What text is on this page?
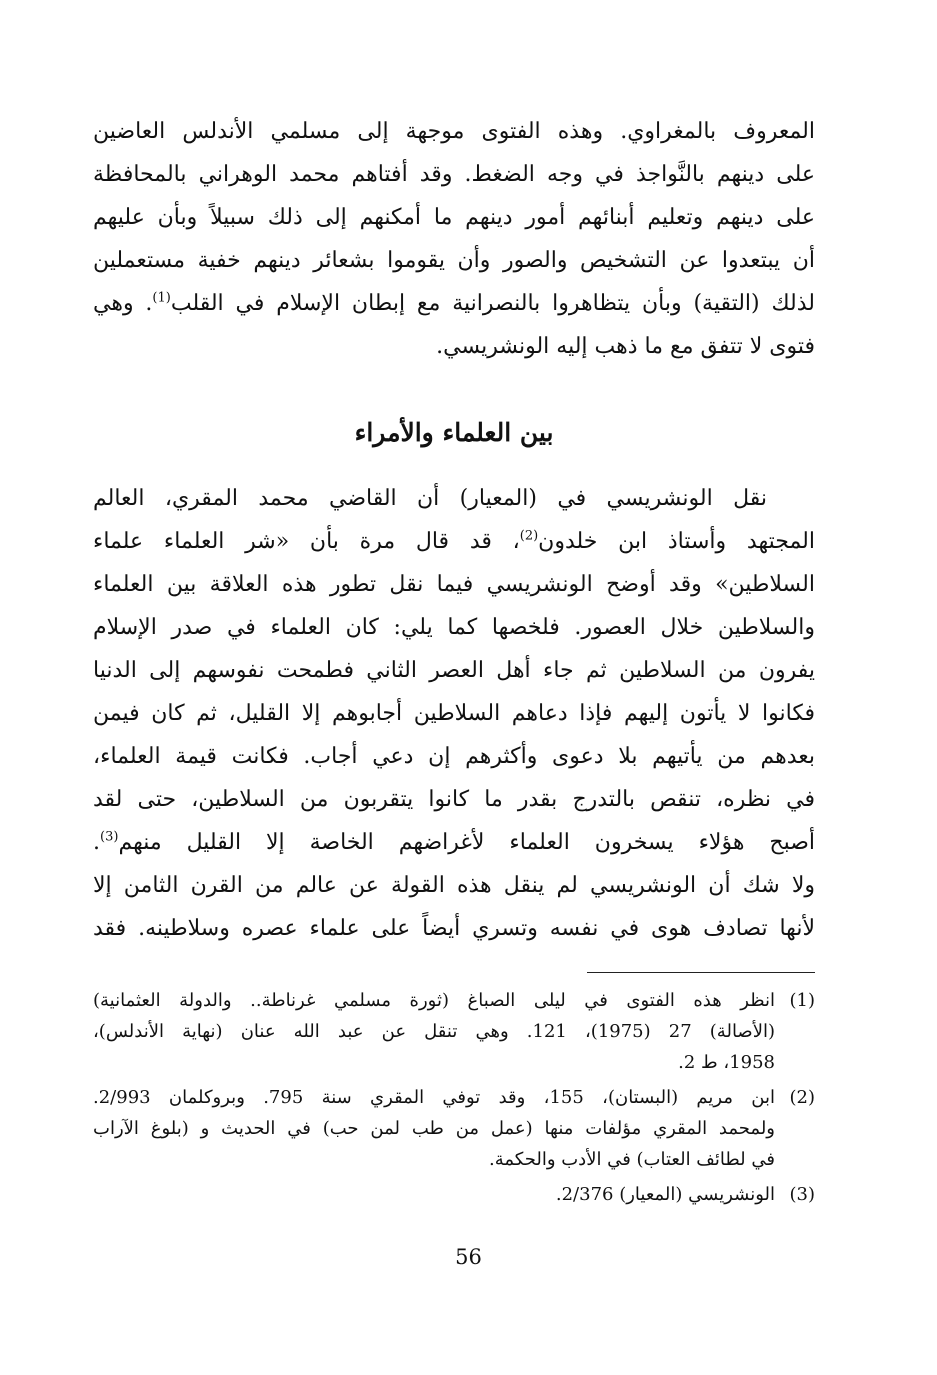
المعروف بالمغراوي. وهذه الفتوى موجهة إلى مسلمي الأندلس العاضين
على دينهم بالنَّواجذ في وجه الضغط. وقد أفتاهم محمد الوهراني بالمحافظة
على دينهم وتعليم أبنائهم أمور دينهم ما أمكنهم إلى ذلك سبيلاً وبأن عليهم
أن يبتعدوا عن التشخيص والصور وأن يقوموا بشعائر دينهم خفية مستعملين
لذلك (التقية) وبأن يتظاهروا بالنصرانية مع إبطان الإسلام في القلب$^{(1)}$. وهي
فتوى لا تتفق مع ما ذهب إليه الونشريسي.
بين العلماء والأمراء
نقل الونشريسي في (المعيار) أن القاضي محمد المقري، العالم
المجتهد وأستاذ ابن خلدون$^{(2)}$، قد قال مرة بأن «شر العلماء علماء
السلاطين» وقد أوضح الونشريسي فيما نقل تطور هذه العلاقة بين العلماء
والسلاطين خلال العصور. فلخصها كما يلي: كان العلماء في صدر الإسلام
يفرون من السلاطين ثم جاء أهل العصر الثاني فطمحت نفوسهم إلى الدنيا
فكانوا لا يأتون إليهم فإذا دعاهم السلاطين أجابوهم إلا القليل، ثم كان فيمن
بعدهم من يأتيهم بلا دعوى وأكثرهم إن دعي أجاب. فكانت قيمة العلماء،
في نظره، تنقص بالتدرج بقدر ما كانوا يتقربون من السلاطين، حتى لقد
أصبح هؤلاء يسخرون العلماء لأغراضهم الخاصة إلا القليل منهم$^{(3)}$.
ولا شك أن الونشريسي لم ينقل هذه القولة عن عالم من القرن الثامن إلا
لأنها تصادف هوى في نفسه وتسري أيضاً على علماء عصره وسلاطينه. فقد
(1)
انظر هذه الفتوى في ليلى الصباغ (ثورة مسلمي غرناطة.. والدولة العثمانية)
(الأصالة) 27 (1975)، 121. وهي تنقل عن عبد الله عنان (نهاية الأندلس)،
1958، ط 2.
(2)
ابن مريم (البستان)، 155، وقد توفي المقري سنة 795. وبروكلمان 2/993.
ولمحمد المقري مؤلفات منها (عمل من طب لمن حب) في الحديث و (بلوغ الآراب
في لطائف العتاب) في الأدب والحكمة.
(3)
الونشريسي (المعيار) 2/376.
56
